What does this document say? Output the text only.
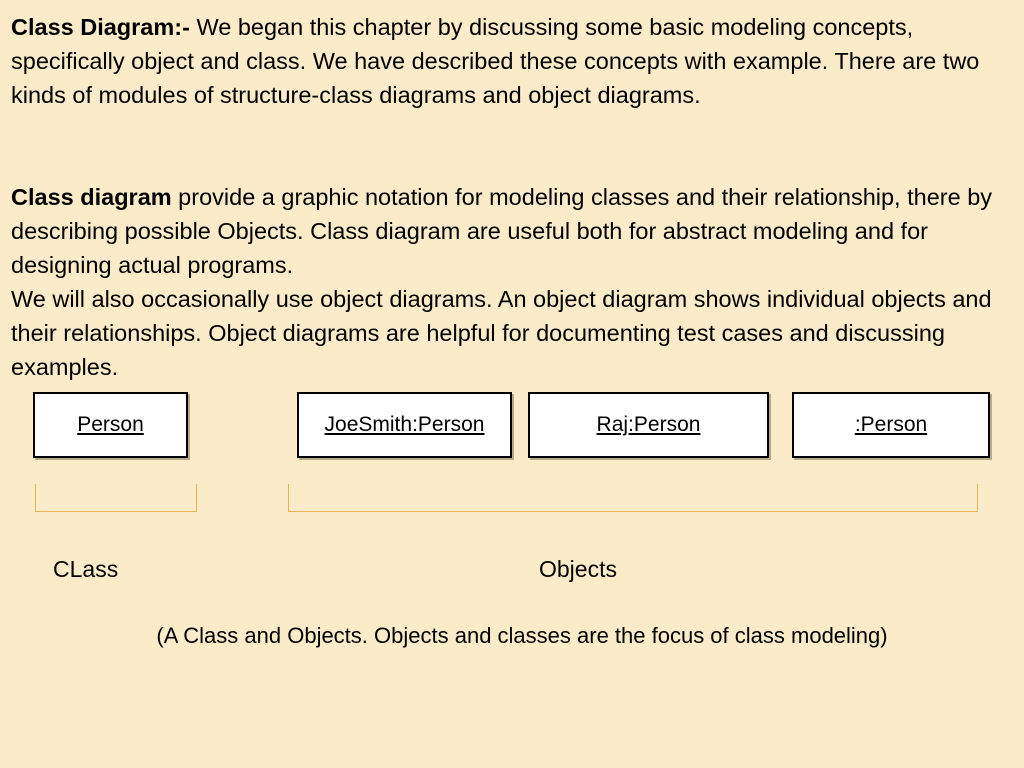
Class Diagram:- We began this chapter by discussing some basic modeling concepts, specifically object and class. We have described these concepts with example. There are two kinds of modules of structure-class diagrams and object diagrams.

Class diagram provide a graphic notation for modeling classes and their relationship, there by describing possible Objects. Class diagram are useful both for abstract modeling and for designing actual programs.
We will also occasionally use object diagrams. An object diagram shows individual objects and their relationships. Object diagrams are helpful for documenting test cases and discussing examples.

Person	JoeSmith:Person	Raj:Person	:Person
CLass	Objects
(A Class and Objects. Objects and classes are the focus of class modeling)
